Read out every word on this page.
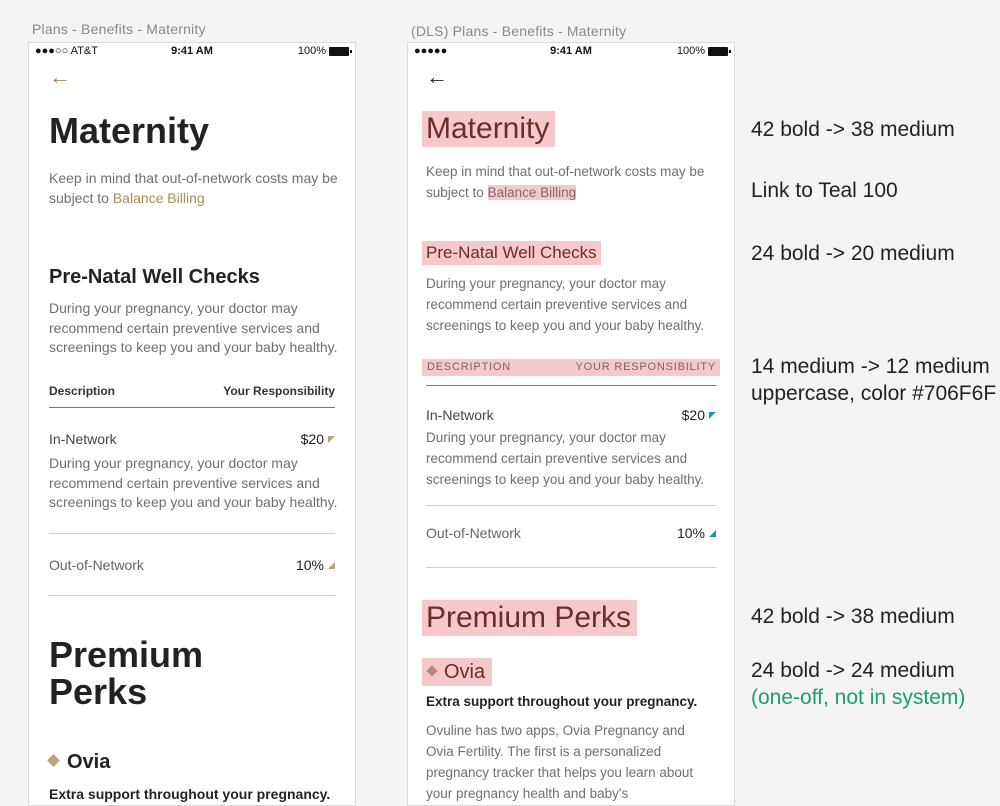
Plans - Benefits - Maternity	(DLS) Plans - Benefits - Maternity
●●●○○ AT&T	9:41 AM	100%
←
Maternity
Keep in mind that out-of-network costs may be subject to Balance Billing
Pre-Natal Well Checks
During your pregnancy, your doctor may recommend certain preventive services and screenings to keep you and your baby healthy.
Description	Your Responsibility
In-Network	$20
During your pregnancy, your doctor may recommend certain preventive services and screenings to keep you and your baby healthy.
Out-of-Network	10%
Premium
Perks
Ovia
Extra support throughout your pregnancy.
●●●●●	9:41 AM	100%
←
Maternity
Keep in mind that out-of-network costs may be subject to Balance Billing
Pre-Natal Well Checks
During your pregnancy, your doctor may recommend certain preventive services and screenings to keep you and your baby healthy.
DESCRIPTION	YOUR RESPONSIBILITY
In-Network	$20
During your pregnancy, your doctor may recommend certain preventive services and screenings to keep you and your baby healthy.
Out-of-Network	10%
Premium Perks
Ovia
Extra support throughout your pregnancy.
Ovuline has two apps, Ovia Pregnancy and Ovia Fertility. The first is a personalized pregnancy tracker that helps you learn about your pregnancy health and baby's
42 bold -> 38 medium
Link to Teal 100
24 bold -> 20 medium
14 medium -> 12 medium
uppercase, color #706F6F
42 bold -> 38 medium
24 bold -> 24 medium
(one-off, not in system)
